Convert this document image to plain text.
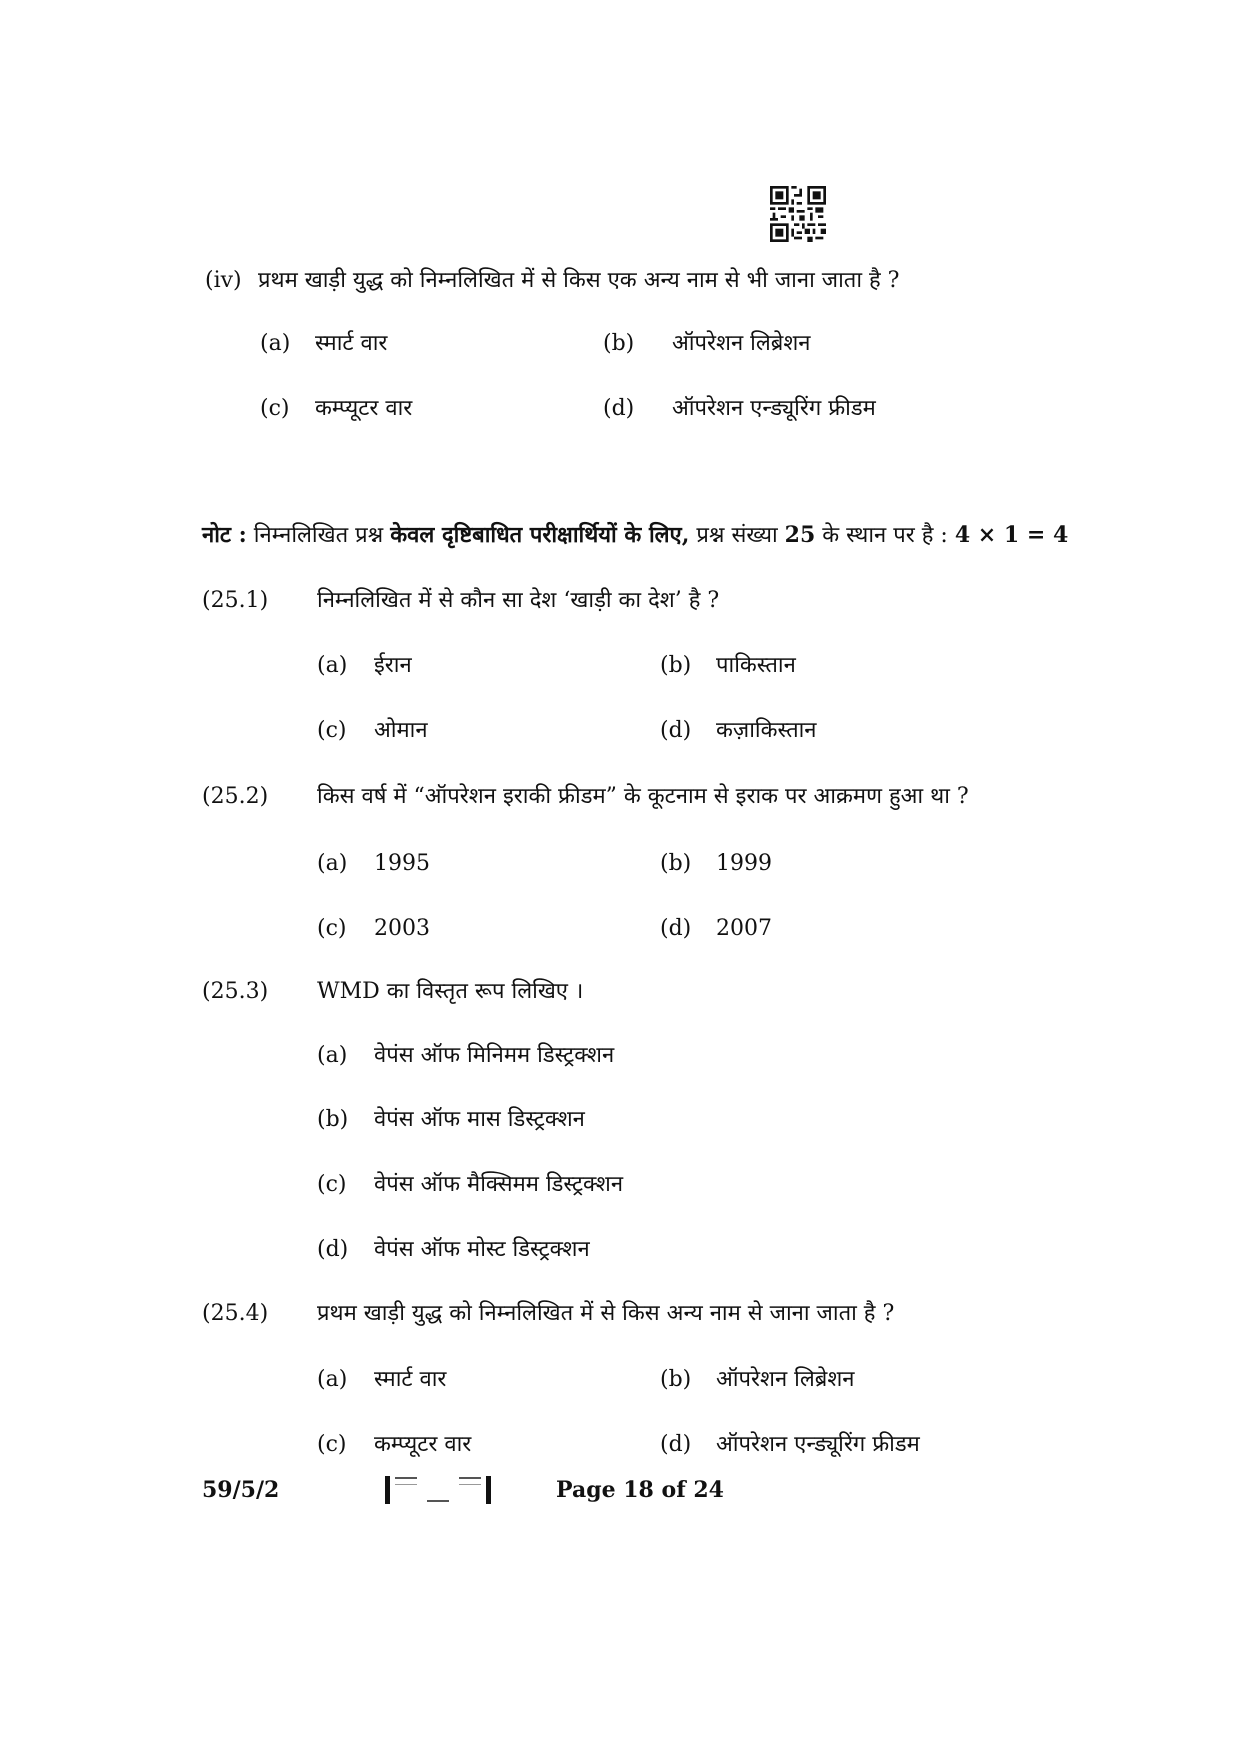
(iv) प्रथम खाड़ी युद्ध को निम्नलिखित में से किस एक अन्य नाम से भी जाना जाता है ?
(a) स्मार्ट वार	(b) ऑपरेशन लिब्रेशन
(c) कम्प्यूटर वार	(d) ऑपरेशन एन्ड्यूरिंग फ्रीडम
नोट : निम्नलिखित प्रश्न केवल दृष्टिबाधित परीक्षार्थियों के लिए, प्रश्न संख्या 25 के स्थान पर है : 4 × 1 = 4
(25.1) निम्नलिखित में से कौन सा देश ‘खाड़ी का देश’ है ?
(a) ईरान	(b) पाकिस्तान
(c) ओमान	(d) कज़ाकिस्तान
(25.2) किस वर्ष में “ऑपरेशन इराकी फ्रीडम” के कूटनाम से इराक पर आक्रमण हुआ था ?
(a) 1995	(b) 1999
(c) 2003	(d) 2007
(25.3) WMD का विस्तृत रूप लिखिए ।
(a) वेपंस ऑफ मिनिमम डिस्ट्रक्शन
(b) वेपंस ऑफ मास डिस्ट्रक्शन
(c) वेपंस ऑफ मैक्सिमम डिस्ट्रक्शन
(d) वेपंस ऑफ मोस्ट डिस्ट्रक्शन
(25.4) प्रथम खाड़ी युद्ध को निम्नलिखित में से किस अन्य नाम से जाना जाता है ?
(a) स्मार्ट वार	(b) ऑपरेशन लिब्रेशन
(c) कम्प्यूटर वार	(d) ऑपरेशन एन्ड्यूरिंग फ्रीडम
59/5/2	Page 18 of 24
